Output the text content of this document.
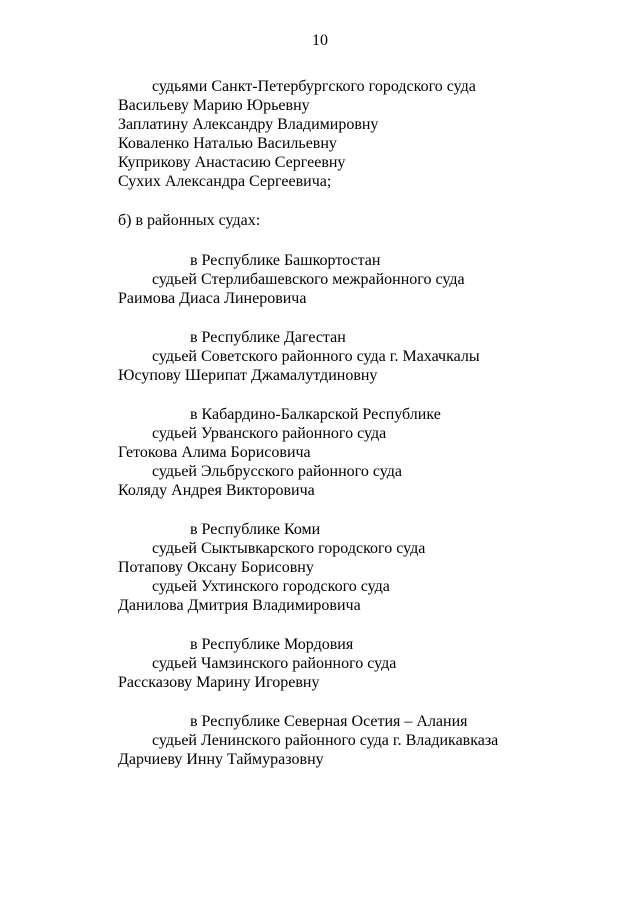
10
судьями Санкт-Петербургского городского суда
Васильеву Марию Юрьевну
Заплатину Александру Владимировну
Коваленко Наталью Васильевну
Куприкову Анастасию Сергеевну
Сухих Александра Сергеевича;
б) в районных судах:
в Республике Башкортостан
судьей Стерлибашевского межрайонного суда
Раимова Диаса Линеровича
в Республике Дагестан
судьей Советского районного суда г. Махачкалы
Юсупову Шерипат Джамалутдиновну
в Кабардино-Балкарской Республике
судьей Урванского районного суда
Гетокова Алима Борисовича
судьей Эльбрусского районного суда
Коляду Андрея Викторовича
в Республике Коми
судьей Сыктывкарского городского суда
Потапову Оксану Борисовну
судьей Ухтинского городского суда
Данилова Дмитрия Владимировича
в Республике Мордовия
судьей Чамзинского районного суда
Рассказову Марину Игоревну
в Республике Северная Осетия – Алания
судьей Ленинского районного суда г. Владикавказа
Дарчиеву Инну Таймуразовну
